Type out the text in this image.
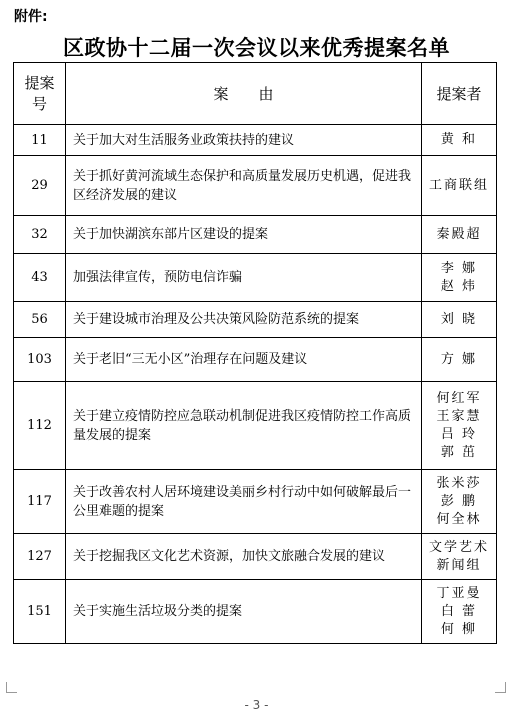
附件:
区政协十二届一次会议以来优秀提案名单
提案号	案　　由	提案者
11	关于加大对生活服务业政策扶持的建议	黄 和

29	关于抓好黄河流域生态保护和高质量发展历史机遇，促进我区经济发展的建议	工商联组

32	关于加快湖滨东部片区建设的提案	秦殿超

43	加强法律宣传，预防电信诈骗	李 娜
赵 炜

56	关于建设城市治理及公共决策风险防范系统的提案	刘 晓

103	关于老旧“三无小区”治理存在问题及建议	方 娜

112	关于建立疫情防控应急联动机制促进我区疫情防控工作高质量发展的提案	何红军
王家慧
吕 玲
郭 茁

117	关于改善农村人居环境建设美丽乡村行动中如何破解最后一公里难题的提案	张米莎
彭 鹏
何全林

127	关于挖掘我区文化艺术资源，加快文旅融合发展的建议	文学艺术
新闻组

151	关于实施生活垃圾分类的提案	丁亚曼
白 蕾
何 柳
- 3 -
